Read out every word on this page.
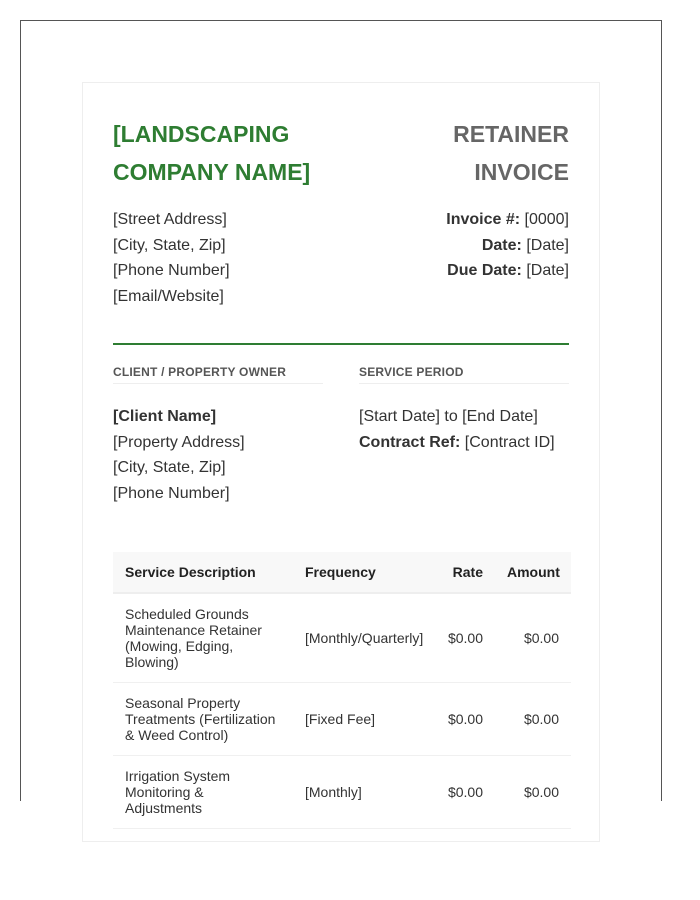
[LANDSCAPING COMPANY NAME]
RETAINER INVOICE
[Street Address]
[City, State, Zip]
[Phone Number]
[Email/Website]
Invoice #: [0000]
Date: [Date]
Due Date: [Date]
CLIENT / PROPERTY OWNER
[Client Name]
[Property Address]
[City, State, Zip]
[Phone Number]
SERVICE PERIOD
[Start Date] to [End Date]
Contract Ref: [Contract ID]
Service Description	Frequency	Rate	Amount
Scheduled Grounds Maintenance Retainer (Mowing, Edging, Blowing)	[Monthly/Quarterly]	$0.00	$0.00
Seasonal Property Treatments (Fertilization & Weed Control)	[Fixed Fee]	$0.00	$0.00
Irrigation System Monitoring & Adjustments	[Monthly]	$0.00	$0.00
